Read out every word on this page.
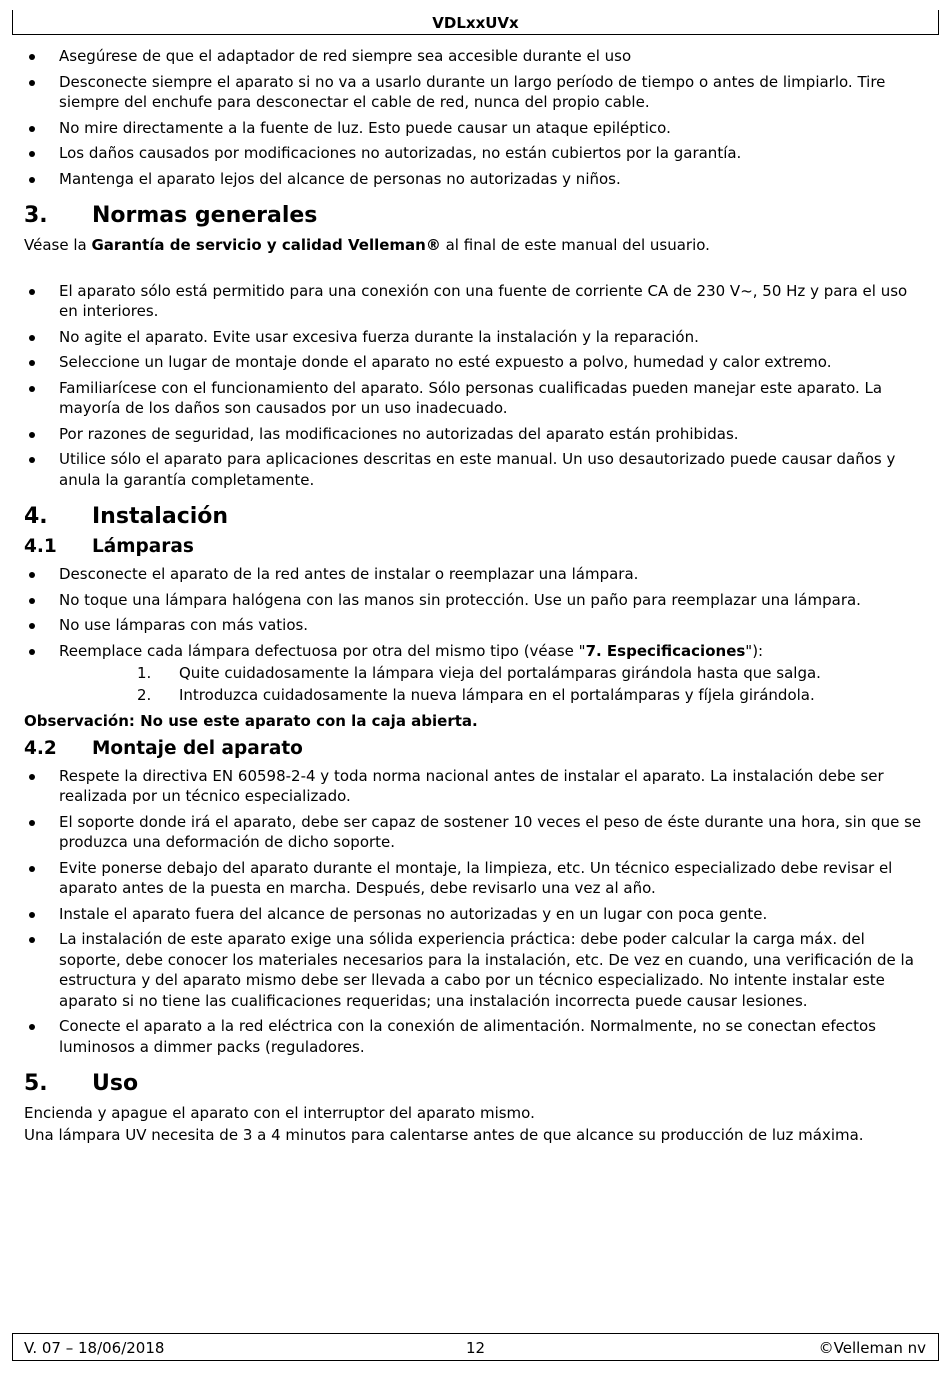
VDLxxUVx
Asegúrese de que el adaptador de red siempre sea accesible durante el uso
Desconecte siempre el aparato si no va a usarlo durante un largo período de tiempo o antes de limpiarlo. Tire siempre del enchufe para desconectar el cable de red, nunca del propio cable.
No mire directamente a la fuente de luz. Esto puede causar un ataque epiléptico.
Los daños causados por modificaciones no autorizadas, no están cubiertos por la garantía.
Mantenga el aparato lejos del alcance de personas no autorizadas y niños.
3. Normas generales

Véase la Garantía de servicio y calidad Velleman® al final de este manual del usuario.

El aparato sólo está permitido para una conexión con una fuente de corriente CA de 230 V~, 50 Hz y para el uso en interiores.
No agite el aparato. Evite usar excesiva fuerza durante la instalación y la reparación.
Seleccione un lugar de montaje donde el aparato no esté expuesto a polvo, humedad y calor extremo.
Familiarícese con el funcionamiento del aparato. Sólo personas cualificadas pueden manejar este aparato. La mayoría de los daños son causados por un uso inadecuado.
Por razones de seguridad, las modificaciones no autorizadas del aparato están prohibidas.
Utilice sólo el aparato para aplicaciones descritas en este manual. Un uso desautorizado puede causar daños y anula la garantía completamente.
4. Instalación
4.1 Lámparas
Desconecte el aparato de la red antes de instalar o reemplazar una lámpara.
No toque una lámpara halógena con las manos sin protección. Use un paño para reemplazar una lámpara.
No use lámparas con más vatios.
Reemplace cada lámpara defectuosa por otra del mismo tipo (véase "7. Especificaciones"):
1.	Quite cuidadosamente la lámpara vieja del portalámparas girándola hasta que salga.
2.	Introduzca cuidadosamente la nueva lámpara en el portalámparas y fíjela girándola.

Observación: No use este aparato con la caja abierta.

4.2 Montaje del aparato
Respete la directiva EN 60598-2-4 y toda norma nacional antes de instalar el aparato. La instalación debe ser realizada por un técnico especializado.
El soporte donde irá el aparato, debe ser capaz de sostener 10 veces el peso de éste durante una hora, sin que se produzca una deformación de dicho soporte.
Evite ponerse debajo del aparato durante el montaje, la limpieza, etc. Un técnico especializado debe revisar el aparato antes de la puesta en marcha. Después, debe revisarlo una vez al año.
Instale el aparato fuera del alcance de personas no autorizadas y en un lugar con poca gente.
La instalación de este aparato exige una sólida experiencia práctica: debe poder calcular la carga máx. del soporte, debe conocer los materiales necesarios para la instalación, etc. De vez en cuando, una verificación de la estructura y del aparato mismo debe ser llevada a cabo por un técnico especializado. No intente instalar este aparato si no tiene las cualificaciones requeridas; una instalación incorrecta puede causar lesiones.
Conecte el aparato a la red eléctrica con la conexión de alimentación. Normalmente, no se conectan efectos luminosos a dimmer packs (reguladores.
5. Uso

Encienda y apague el aparato con el interruptor del aparato mismo.

Una lámpara UV necesita de 3 a 4 minutos para calentarse antes de que alcance su producción de luz máxima.

V. 07 – 18/06/2018	12	©Velleman nv
